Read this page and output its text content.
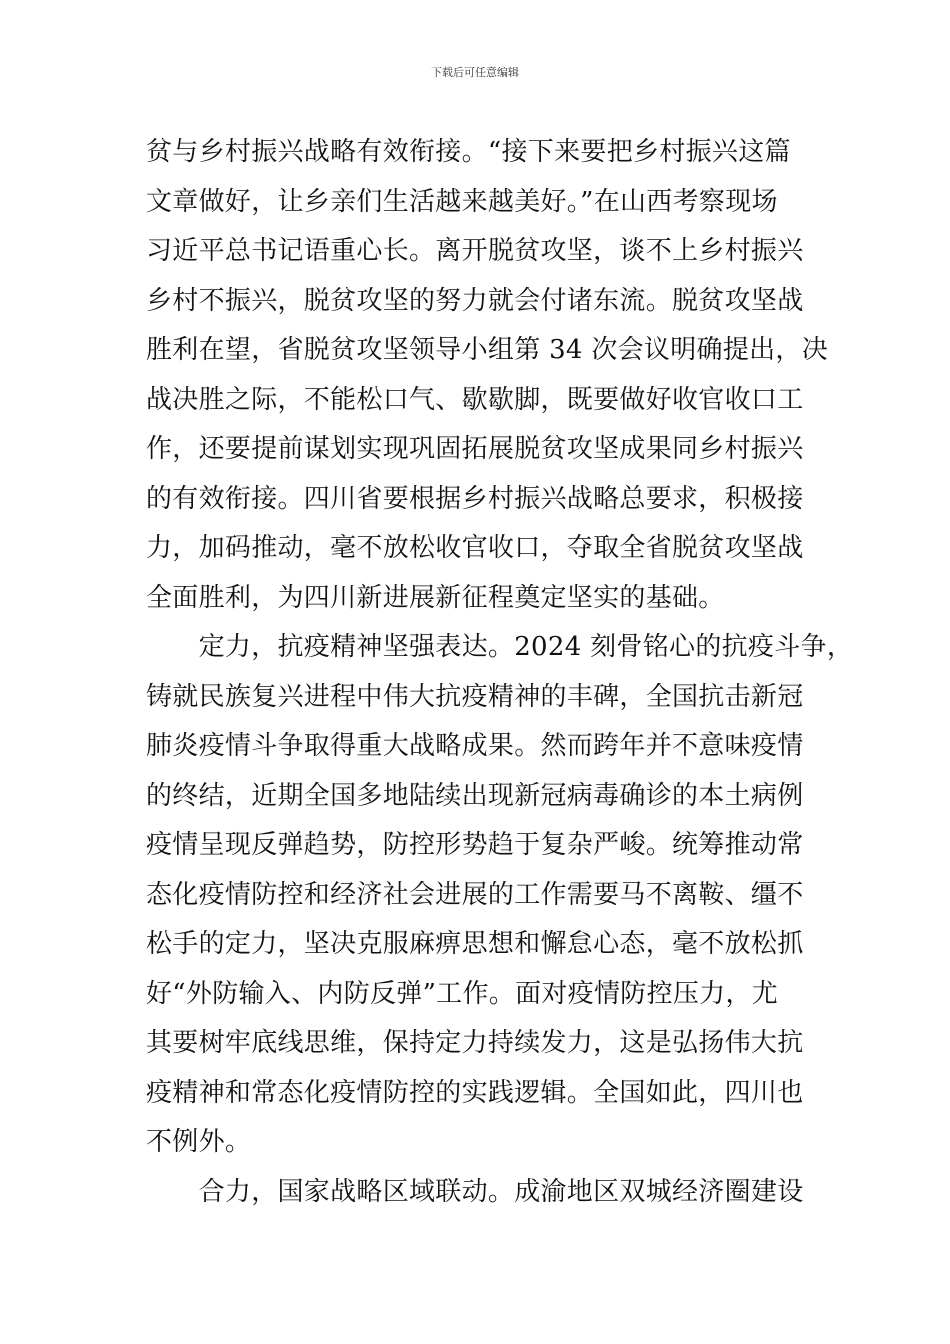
下载后可任意编辑
贫与乡村振兴战略有效衔接。“接下来要把乡村振兴这篇
文章做好，让乡亲们生活越来越美好。”在山西考察现场
习近平总书记语重心长。离开脱贫攻坚，谈不上乡村振兴
乡村不振兴，脱贫攻坚的努力就会付诸东流。脱贫攻坚战
胜利在望，省脱贫攻坚领导小组第 34 次会议明确提出，决
战决胜之际，不能松口气、歇歇脚，既要做好收官收口工
作，还要提前谋划实现巩固拓展脱贫攻坚成果同乡村振兴
的有效衔接。四川省要根据乡村振兴战略总要求，积极接
力，加码推动，毫不放松收官收口，夺取全省脱贫攻坚战
全面胜利，为四川新进展新征程奠定坚实的基础。
　　定力，抗疫精神坚强表达。2024 刻骨铭心的抗疫斗争，
铸就民族复兴进程中伟大抗疫精神的丰碑，全国抗击新冠
肺炎疫情斗争取得重大战略成果。然而跨年并不意味疫情
的终结，近期全国多地陆续出现新冠病毒确诊的本土病例
疫情呈现反弹趋势，防控形势趋于复杂严峻。统筹推动常
态化疫情防控和经济社会进展的工作需要马不离鞍、缰不
松手的定力，坚决克服麻痹思想和懈怠心态，毫不放松抓
好“外防输入、内防反弹”工作。面对疫情防控压力，尤
其要树牢底线思维，保持定力持续发力，这是弘扬伟大抗
疫精神和常态化疫情防控的实践逻辑。全国如此，四川也
不例外。
　　合力，国家战略区域联动。成渝地区双城经济圈建设
